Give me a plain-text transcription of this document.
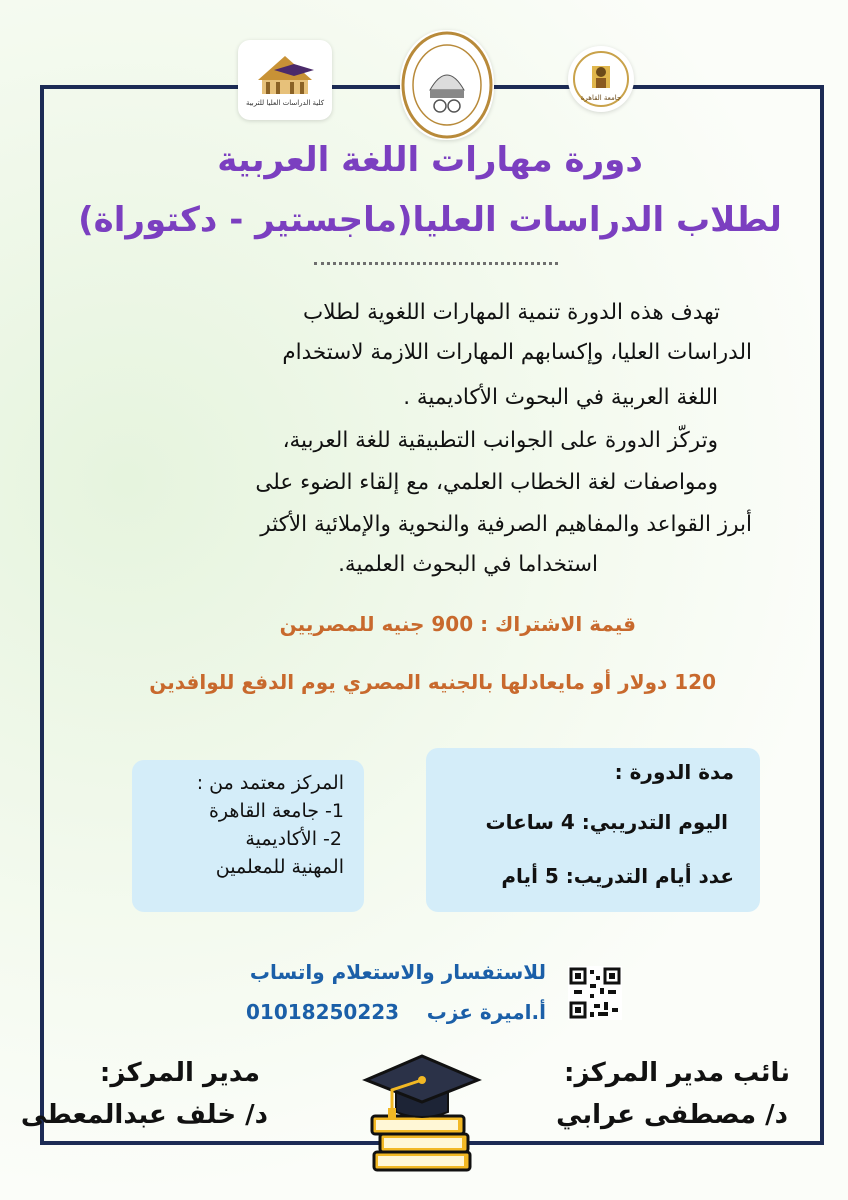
جامعة القاهرة
كلية الدراسات العليا للتربية
دورة مهارات اللغة العربية
لطلاب الدراسات العليا(ماجستير - دكتوراة)
تهدف هذه الدورة تنمية المهارات اللغوية لطلاب
الدراسات العليا، وإكسابهم المهارات اللازمة لاستخدام
اللغة العربية في البحوث الأكاديمية .
وتركّز الدورة على الجوانب التطبيقية للغة العربية،
ومواصفات لغة الخطاب العلمي، مع إلقاء الضوء على
أبرز القواعد والمفاهيم الصرفية والنحوية والإملائية الأكثر
استخداما في البحوث العلمية.
قيمة الاشتراك : 900 جنيه للمصريين
120 دولار أو مايعادلها بالجنيه المصري يوم الدفع للوافدين
مدة الدورة :
اليوم التدريبي: 4 ساعات
عدد أيام التدريب: 5 أيام
المركز معتمد من :
1- جامعة القاهرة
2- الأكاديمية
المهنية للمعلمين
للاستفسار والاستعلام واتساب
أ.اميرة عزب
01018250223
نائب مدير المركز:
د/ مصطفى عرابي
مدير المركز:
د/ خلف عبدالمعطى
